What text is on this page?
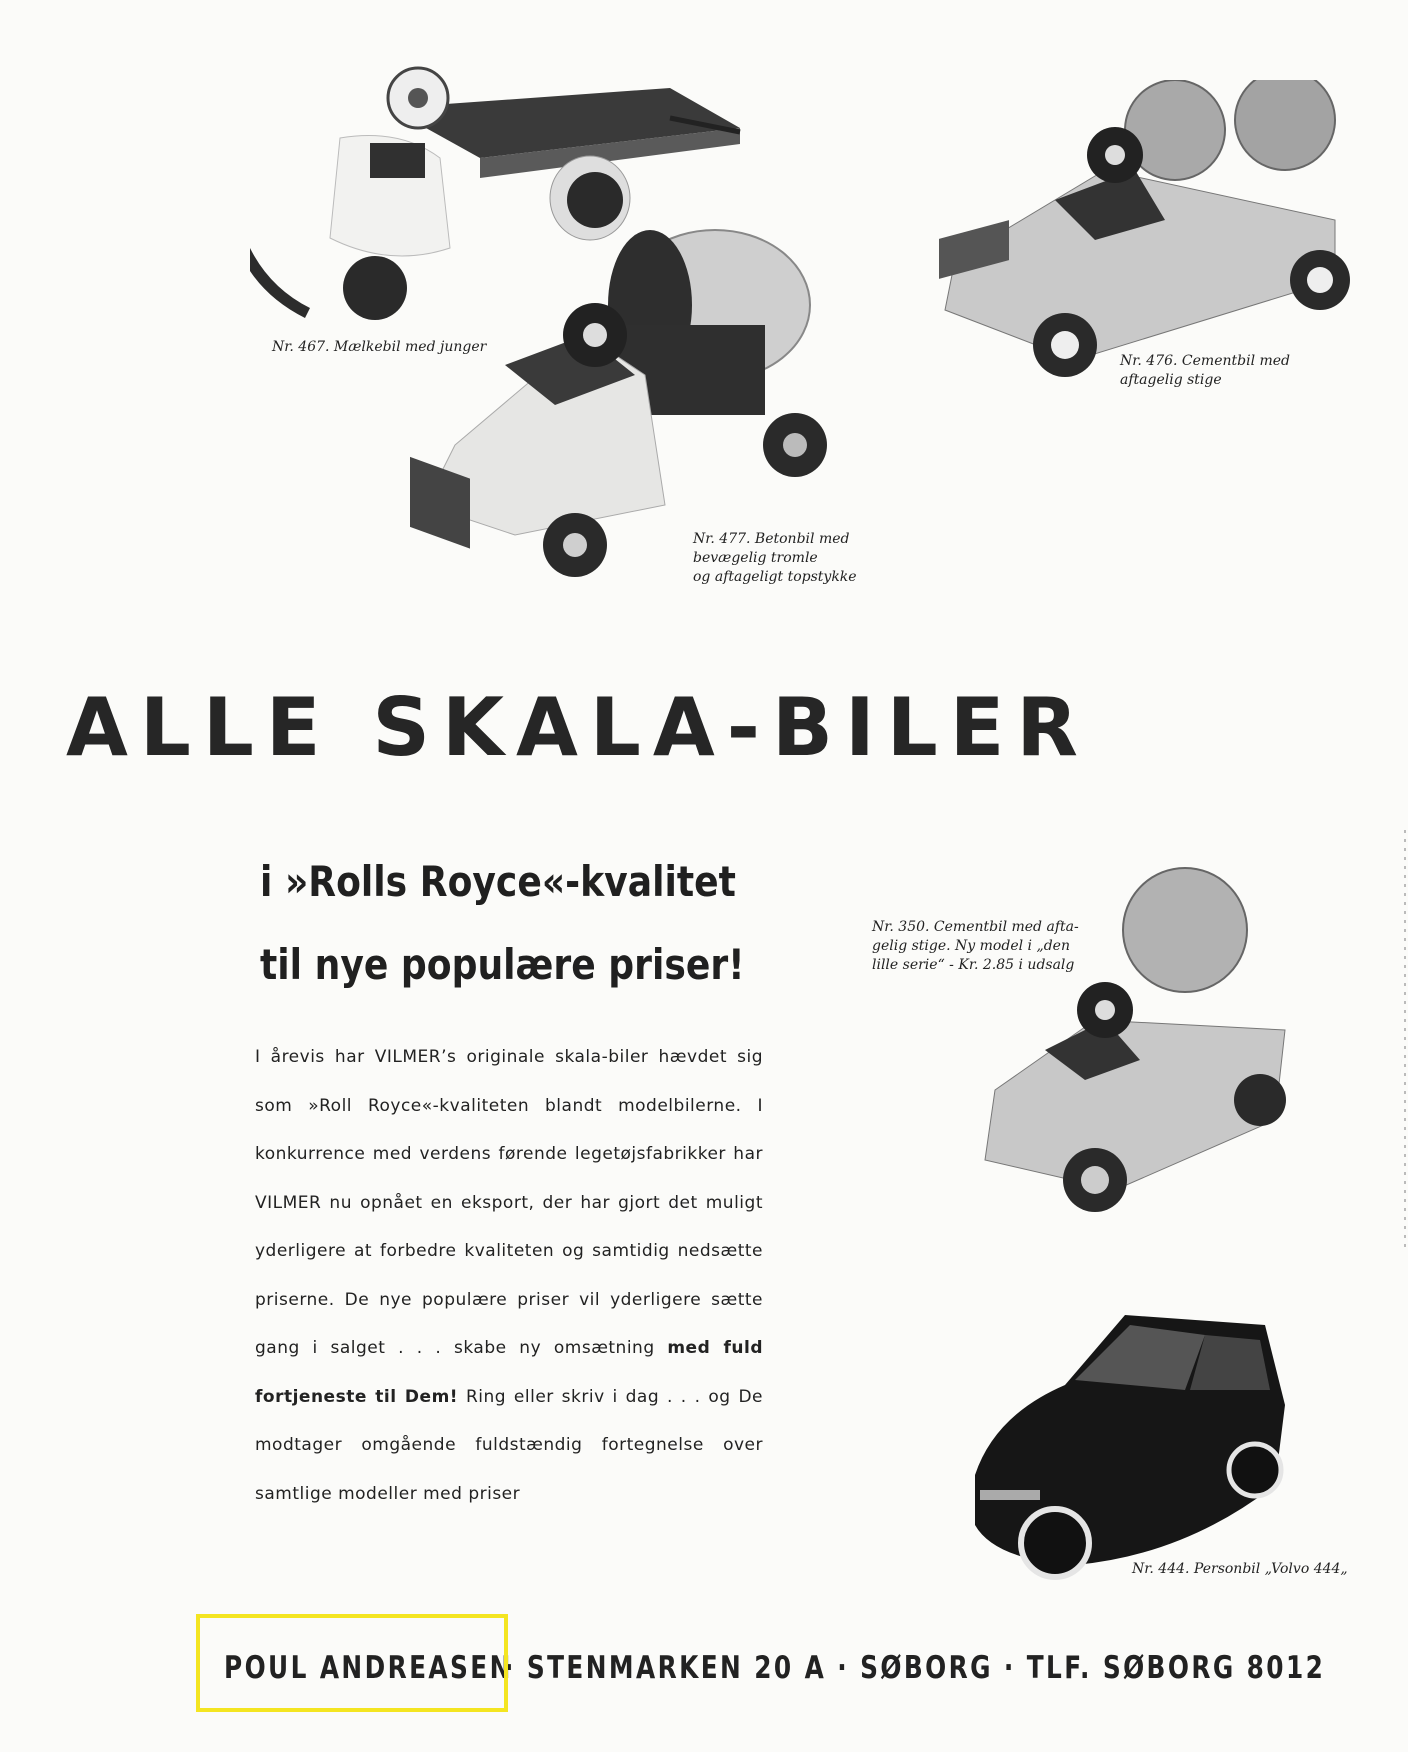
Nr. 467. Mælkebil med junger
Nr. 477. Betonbil med
bevægelig tromle
og aftageligt topstykke
Nr. 476. Cementbil med
aftagelig stige
ALLE SKALA-BILER

i »Rolls Royce«-kvalitet

til nye populære priser!

I årevis har VILMER’s originale skala-biler hævdet sig som »Roll Royce«-kvaliteten blandt modelbilerne. I konkurrence med verdens førende legetøjsfabrikker har VILMER nu opnået en eksport, der har gjort det muligt yderligere at forbedre kvaliteten og samtidig nedsætte priserne. De nye populære priser vil yderligere sætte gang i salget . . . skabe ny omsætning med fuld fortjeneste til Dem! Ring eller skriv i dag . . . og De modtager omgående fuldstændig fortegnelse over samtlige modeller med priser

Nr. 350. Cementbil med afta-
gelig stige. Ny model i „den
lille serie“ - Kr. 2.85 i udsalg
Nr. 444. Personbil „Volvo 444„
POUL ANDREASEN
· STENMARKEN 20 A · SØBORG · TLF. SØBORG 8012
